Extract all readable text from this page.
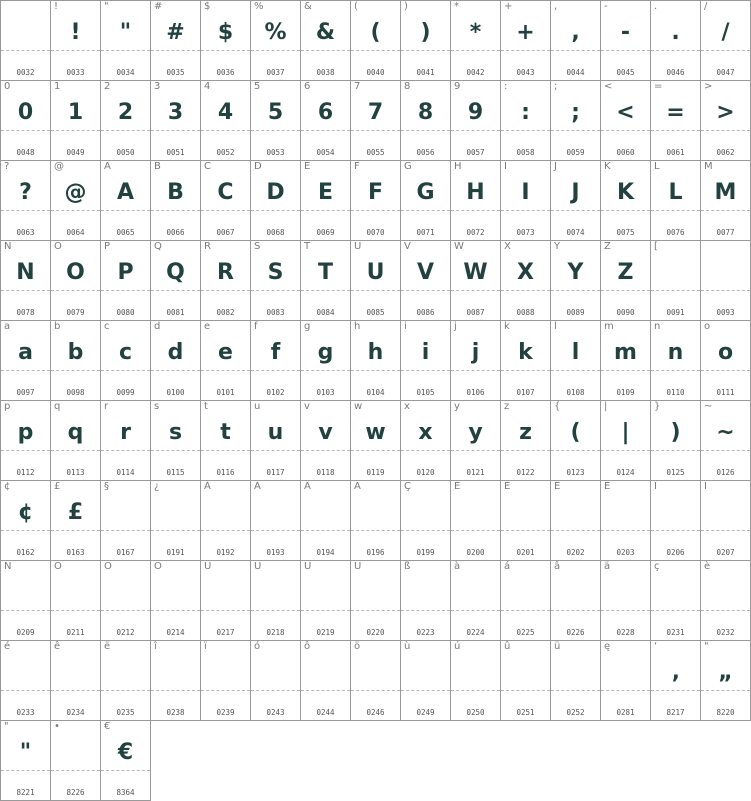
0032
!
!
0033
"
"
0034
#
#
0035
$
$
0036
%
%
0037
&
&
0038
(
(
0040
)
)
0041
*
*
0042
+
+
0043
,
,
0044
-
-
0045
.
.
0046
/
/
0047
0
0
0048
1
1
0049
2
2
0050
3
3
0051
4
4
0052
5
5
0053
6
6
0054
7
7
0055
8
8
0056
9
9
0057
:
:
0058
;
;
0059
<
<
0060
=
=
0061
>
>
0062
?
?
0063
@
@
0064
A
A
0065
B
B
0066
C
C
0067
D
D
0068
E
E
0069
F
F
0070
G
G
0071
H
H
0072
I
I
0073
J
J
0074
K
K
0075
L
L
0076
M
M
0077
N
N
0078
O
O
0079
P
P
0080
Q
Q
0081
R
R
0082
S
S
0083
T
T
0084
U
U
0085
V
V
0086
W
W
0087
X
X
0088
Y
Y
0089
Z
Z
0090
[
0091	0093
a
a
0097
b
b
0098
c
c
0099
d
d
0100
e
e
0101
f
f
0102
g
g
0103
h
h
0104
i
i
0105
j
j
0106
k
k
0107
l
l
0108
m
m
0109
n
n
0110
o
o
0111
p
p
0112
q
q
0113
r
r
0114
s
s
0115
t
t
0116
u
u
0117
v
v
0118
w
w
0119
x
x
0120
y
y
0121
z
z
0122
{
(
0123
|
|
0124
}
)
0125
~
~
0126
¢
¢
0162
£
£
0163
§
0167
¿
0191
À
0192
Á
0193
Â
0194
Ä
0196
Ç
0199
È
0200
É
0201
Ê
0202
Ë
0203
Î
0206
Ï
0207
Ñ
0209
Ó
0211
Ô
0212
Ö
0214
Ù
0217
Ú
0218
Û
0219
Ü
0220
ß
0223
à
0224
á
0225
â
0226
ä
0228
ç
0231
è
0232
é
0233
ê
0234
ë
0235
î
0238
ï
0239
ó
0243
ô
0244
ö
0246
ù
0249
ú
0250
û
0251
ü
0252
ę
0281
‘
‚
8217
"
„
8220
"
"
8221
•
8226
€
€
8364
